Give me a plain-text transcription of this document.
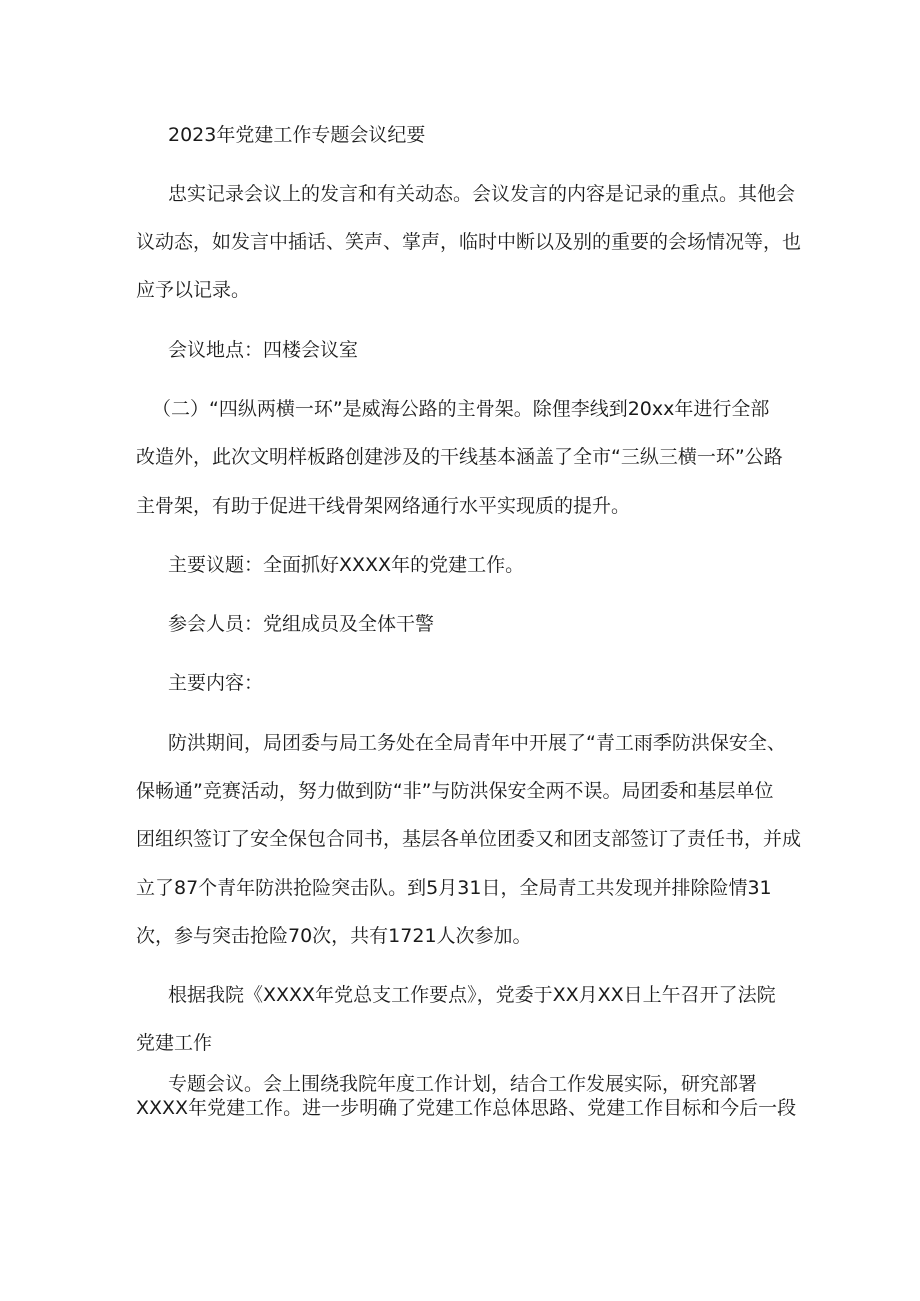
2023年党建工作专题会议纪要

忠实记录会议上的发言和有关动态。会议发言的内容是记录的重点。其他会

议动态，如发言中插话、笑声、掌声，临时中断以及别的重要的会场情况等，也

应予以记录。

会议地点：四楼会议室

（二）“四纵两横一环”是威海公路的主骨架。除俚李线到20xx年进行全部

改造外，此次文明样板路创建涉及的干线基本涵盖了全市“三纵三横一环”公路

主骨架，有助于促进干线骨架网络通行水平实现质的提升。

主要议题：全面抓好XXXX年的党建工作。

参会人员：党组成员及全体干警

主要内容：

防洪期间，局团委与局工务处在全局青年中开展了“青工雨季防洪保安全、

保畅通”竞赛活动，努力做到防“非”与防洪保安全两不误。局团委和基层单位

团组织签订了安全保包合同书，基层各单位团委又和团支部签订了责任书，并成

立了87个青年防洪抢险突击队。到5月31日，全局青工共发现并排除险情31

次，参与突击抢险70次，共有1721人次参加。

根据我院《XXXX年党总支工作要点》，党委于XX月XX日上午召开了法院

党建工作

专题会议。会上围绕我院年度工作计划，结合工作发展实际，研究部署

XXXX年党建工作。进一步明确了党建工作总体思路、党建工作目标和今后一段
